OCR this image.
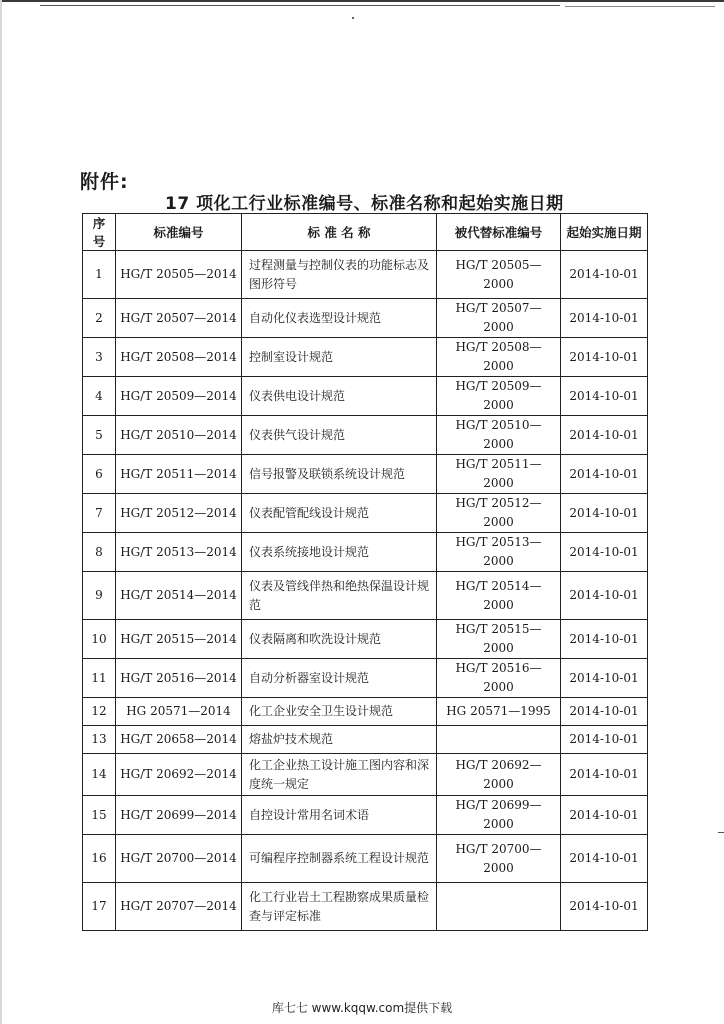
附件:
17 项化工行业标准编号、标准名称和起始实施日期
序号	标准编号	标 准 名 称	被代替标准编号	起始实施日期
1	HG/T 20505—2014	过程测量与控制仪表的功能标志及图形符号	HG/T 20505—2000	2014-10-01
2	HG/T 20507—2014	自动化仪表选型设计规范	HG/T 20507—2000	2014-10-01
3	HG/T 20508—2014	控制室设计规范	HG/T 20508—2000	2014-10-01
4	HG/T 20509—2014	仪表供电设计规范	HG/T 20509—2000	2014-10-01
5	HG/T 20510—2014	仪表供气设计规范	HG/T 20510—2000	2014-10-01
6	HG/T 20511—2014	信号报警及联锁系统设计规范	HG/T 20511—2000	2014-10-01
7	HG/T 20512—2014	仪表配管配线设计规范	HG/T 20512—2000	2014-10-01
8	HG/T 20513—2014	仪表系统接地设计规范	HG/T 20513—2000	2014-10-01
9	HG/T 20514—2014	仪表及管线伴热和绝热保温设计规范	HG/T 20514—2000	2014-10-01
10	HG/T 20515—2014	仪表隔离和吹洗设计规范	HG/T 20515—2000	2014-10-01
11	HG/T 20516—2014	自动分析器室设计规范	HG/T 20516—2000	2014-10-01
12	HG 20571—2014	化工企业安全卫生设计规范	HG 20571—1995	2014-10-01
13	HG/T 20658—2014	熔盐炉技术规范		2014-10-01
14	HG/T 20692—2014	化工企业热工设计施工图内容和深度统一规定	HG/T 20692—2000	2014-10-01
15	HG/T 20699—2014	自控设计常用名词术语	HG/T 20699—2000	2014-10-01
16	HG/T 20700—2014	可编程序控制器系统工程设计规范	HG/T 20700—2000	2014-10-01
17	HG/T 20707—2014	化工行业岩土工程勘察成果质量检查与评定标准		2014-10-01
库七七 www.kqqw.com提供下载
